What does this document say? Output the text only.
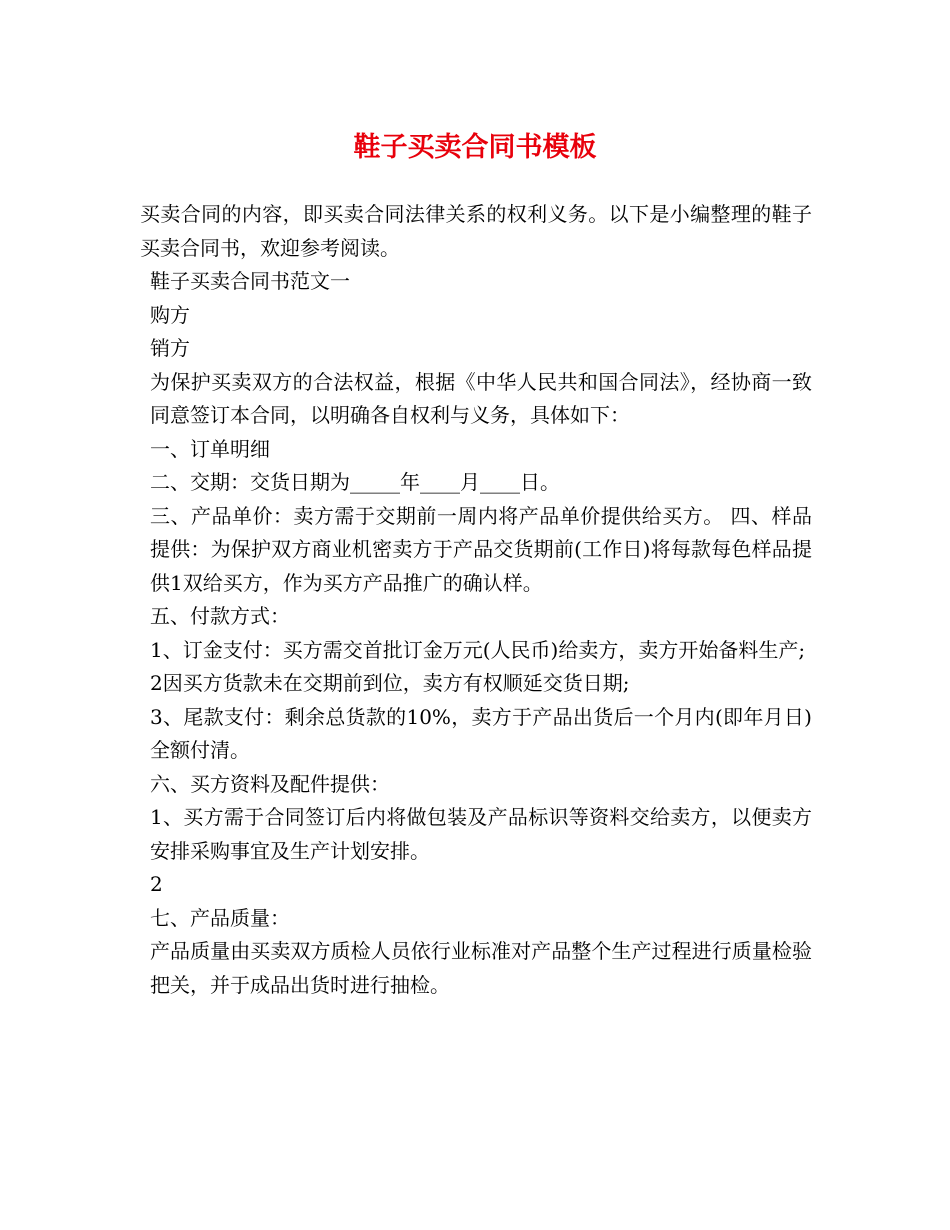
鞋子买卖合同书模板

买卖合同的内容，即买卖合同法律关系的权利义务。以下是小编整理的鞋子买卖合同书，欢迎参考阅读。

鞋子买卖合同书范文一

购方

销方

为保护买卖双方的合法权益，根据《中华人民共和国合同法》，经协商一致同意签订本合同，以明确各自权利与义务，具体如下：

一、订单明细

二、交期：交货日期为_____年____月____日。

三、产品单价：卖方需于交期前一周内将产品单价提供给买方。 四、样品提供：为保护双方商业机密卖方于产品交货期前(工作日)将每款每色样品提供1双给买方，作为买方产品推广的确认样。

五、付款方式：

1、订金支付：买方需交首批订金万元(人民币)给卖方，卖方开始备料生产;

2因买方货款未在交期前到位，卖方有权顺延交货日期;

3、尾款支付：剩余总货款的10%，卖方于产品出货后一个月内(即年月日)全额付清。

六、买方资料及配件提供：

1、买方需于合同签订后内将做包装及产品标识等资料交给卖方，以便卖方安排采购事宜及生产计划安排。

2

七、产品质量：

产品质量由买卖双方质检人员依行业标准对产品整个生产过程进行质量检验把关，并于成品出货时进行抽检。
